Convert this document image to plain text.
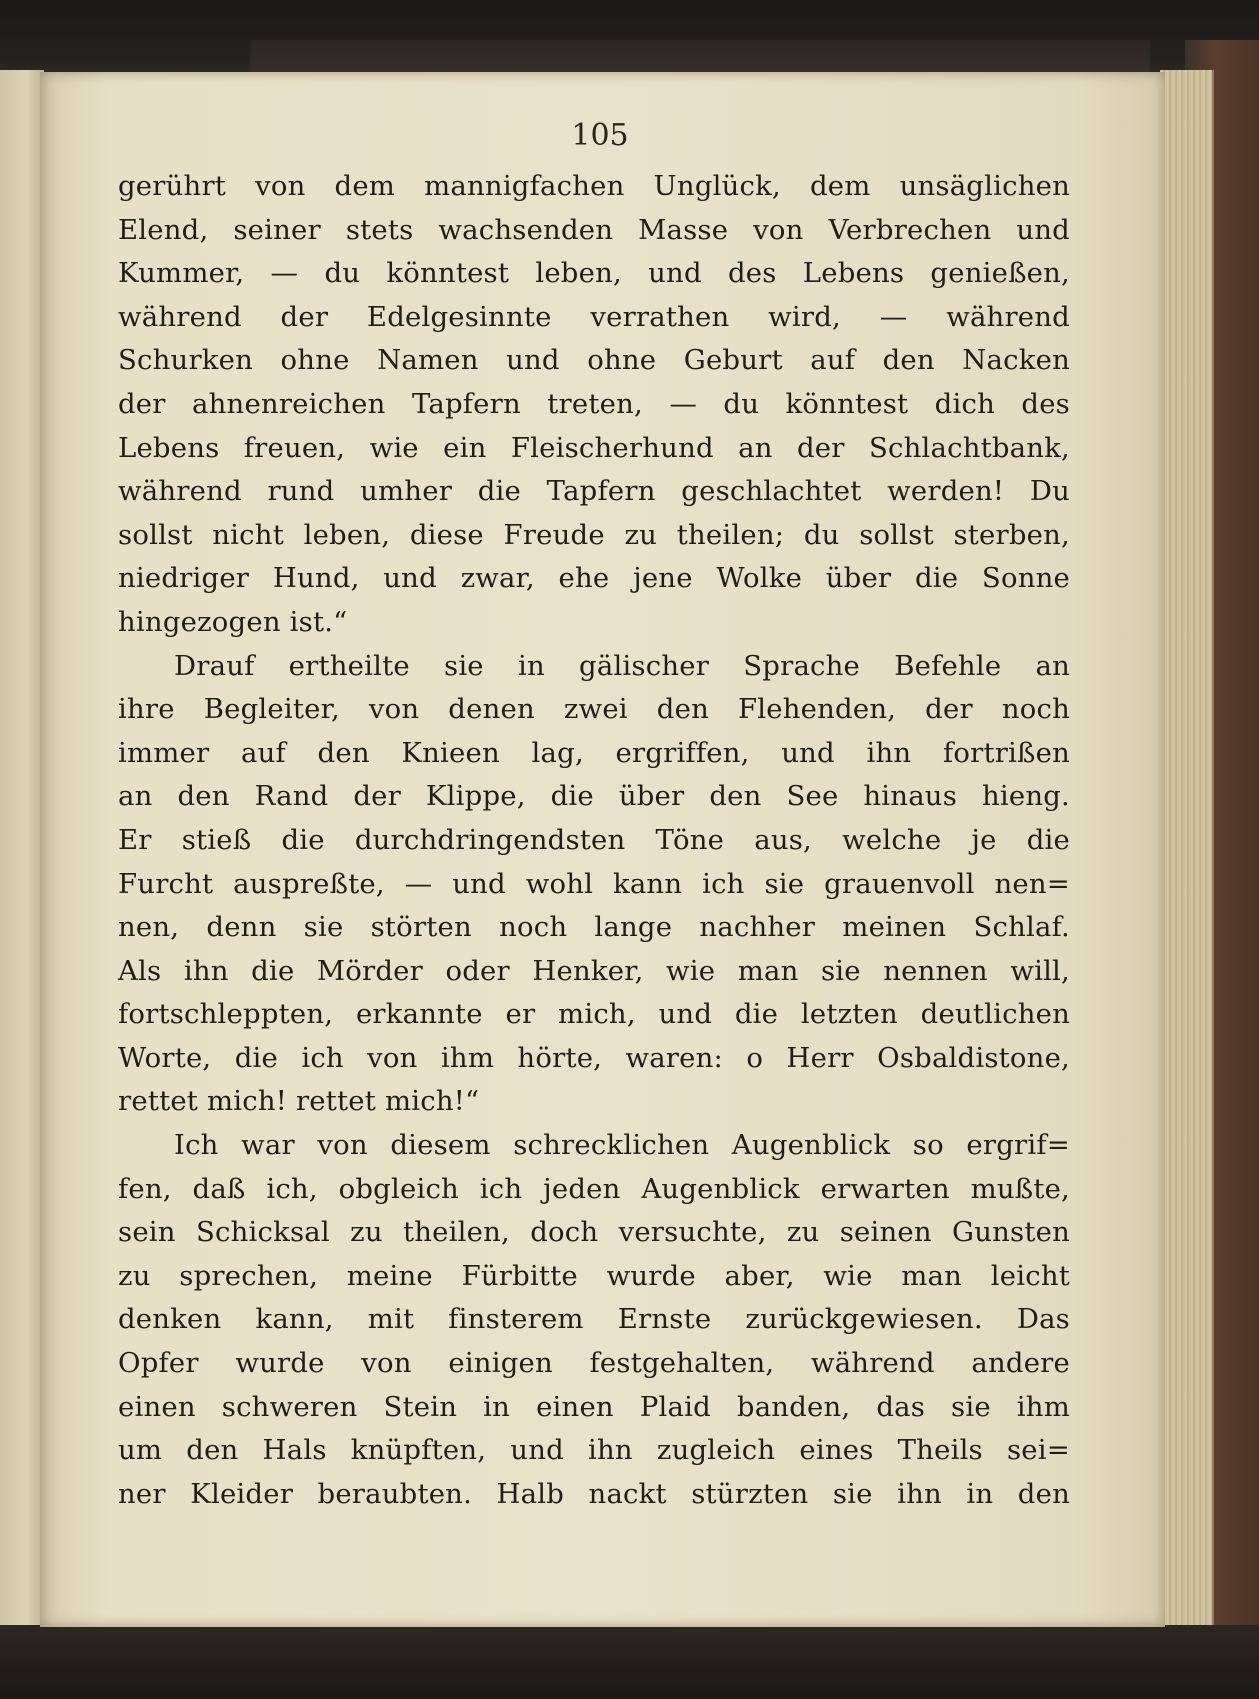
105
gerührt von dem mannigfachen Unglück, dem unsäglichen
Elend, seiner stets wachsenden Masse von Verbrechen und
Kummer, — du könntest leben, und des Lebens genießen,
während der Edelgesinnte verrathen wird, — während
Schurken ohne Namen und ohne Geburt auf den Nacken
der ahnenreichen Tapfern treten, — du könntest dich des
Lebens freuen, wie ein Fleischerhund an der Schlachtbank,
während rund umher die Tapfern geschlachtet werden! Du
sollst nicht leben, diese Freude zu theilen; du sollst sterben,
niedriger Hund, und zwar, ehe jene Wolke über die Sonne
hingezogen ist.“
Drauf ertheilte sie in gälischer Sprache Befehle an
ihre Begleiter, von denen zwei den Flehenden, der noch
immer auf den Knieen lag, ergriffen, und ihn fortrißen
an den Rand der Klippe, die über den See hinaus hieng.
Er stieß die durchdringendsten Töne aus, welche je die
Furcht auspreßte, — und wohl kann ich sie grauenvoll nen=
nen, denn sie störten noch lange nachher meinen Schlaf.
Als ihn die Mörder oder Henker, wie man sie nennen will,
fortschleppten, erkannte er mich, und die letzten deutlichen
Worte, die ich von ihm hörte, waren: o Herr Osbaldistone,
rettet mich! rettet mich!“
Ich war von diesem schrecklichen Augenblick so ergrif=
fen, daß ich, obgleich ich jeden Augenblick erwarten mußte,
sein Schicksal zu theilen, doch versuchte, zu seinen Gunsten
zu sprechen, meine Fürbitte wurde aber, wie man leicht
denken kann, mit finsterem Ernste zurückgewiesen. Das
Opfer wurde von einigen festgehalten, während andere
einen schweren Stein in einen Plaid banden, das sie ihm
um den Hals knüpften, und ihn zugleich eines Theils sei=
ner Kleider beraubten. Halb nackt stürzten sie ihn in den
